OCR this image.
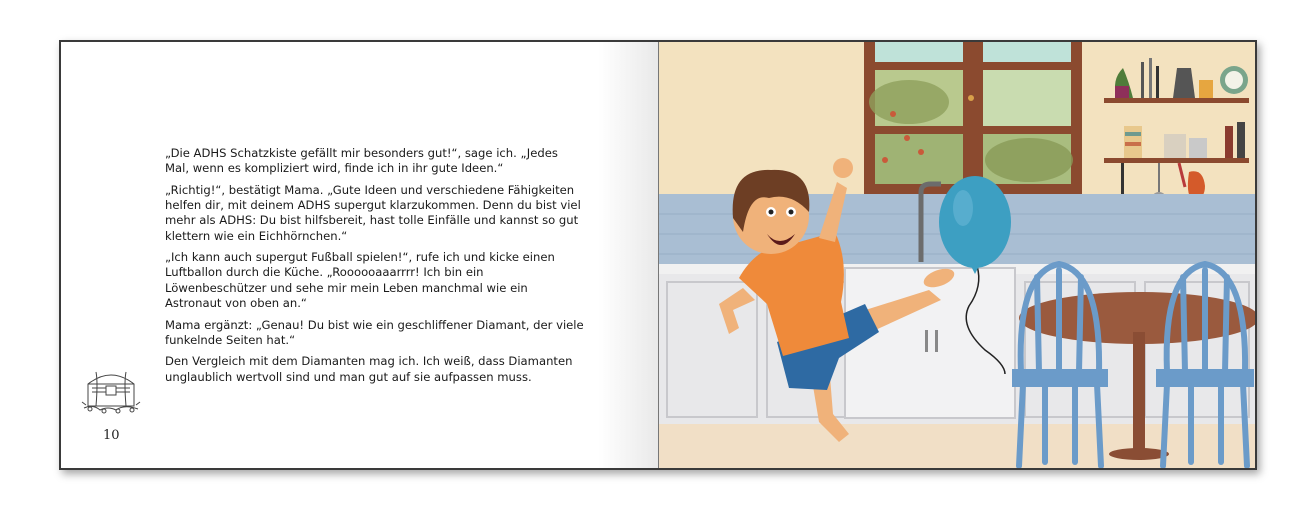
„Die ADHS Schatzkiste gefällt mir besonders gut!“, sage ich. „Jedes Mal, wenn es kompliziert wird, finde ich in ihr gute Ideen.“

„Richtig!“, bestätigt Mama. „Gute Ideen und verschiedene Fähigkeiten helfen dir, mit deinem ADHS supergut klarzukommen. Denn du bist viel mehr als ADHS: Du bist hilfsbereit, hast tolle Einfälle und kannst so gut klettern wie ein Eichhörnchen.“

„Ich kann auch supergut Fußball spielen!“, rufe ich und kicke einen Luftballon durch die Küche. „Roooooaaarrrr! Ich bin ein Löwenbeschützer und sehe mir mein Leben manchmal wie ein Astronaut von oben an.“

Mama ergänzt: „Genau! Du bist wie ein geschliffener Diamant, der viele funkelnde Seiten hat.“

Den Vergleich mit dem Diamanten mag ich. Ich weiß, dass Diamanten unglaublich wertvoll sind und man gut auf sie aufpassen muss.

10
